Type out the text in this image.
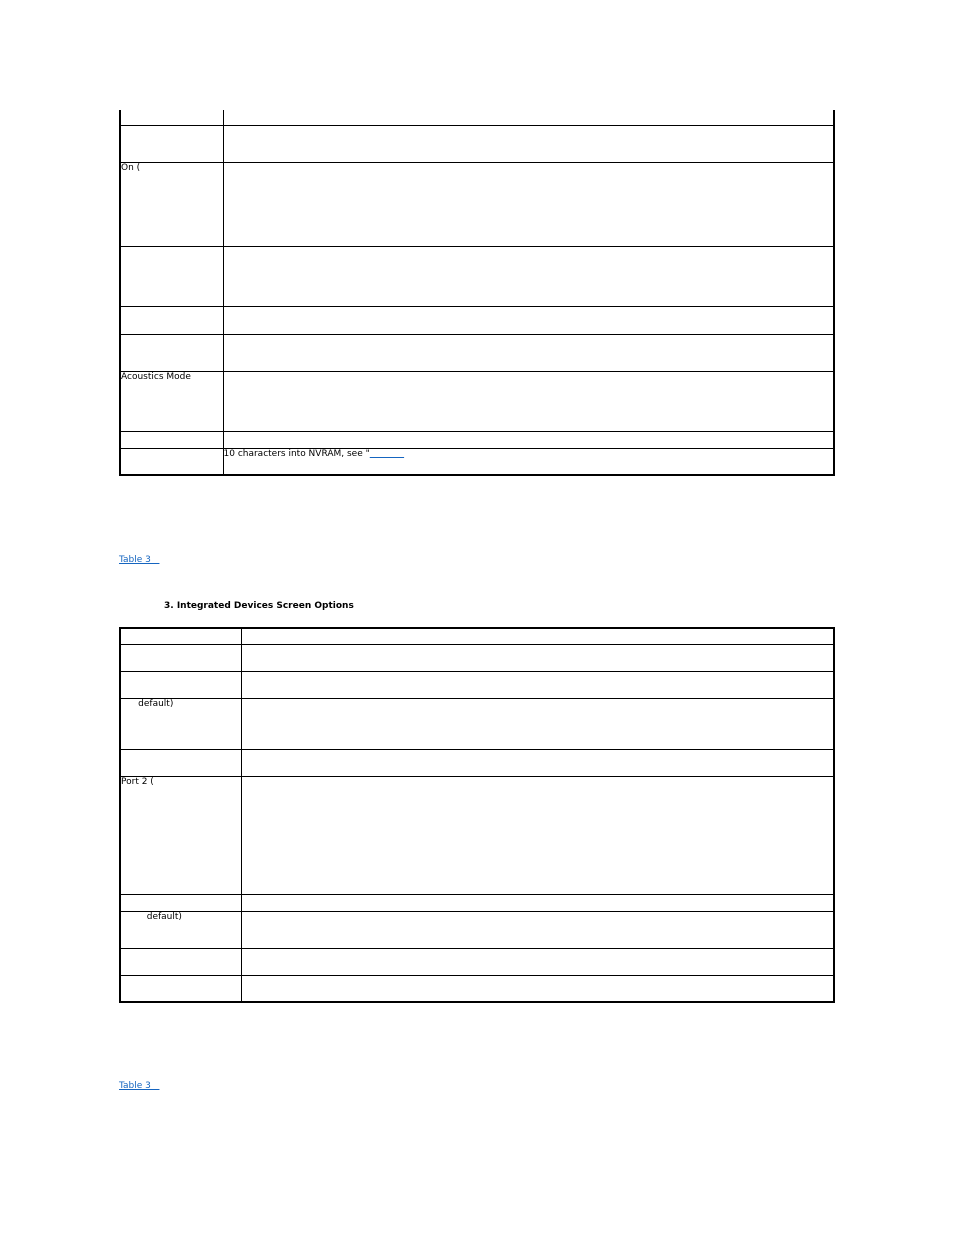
On (	

Acoustics Mode	

	10 characters into NVRAM, see "
Table 3
3. Integrated Devices Screen Options

default)	

Port 2 (	

default)	

Table 3
